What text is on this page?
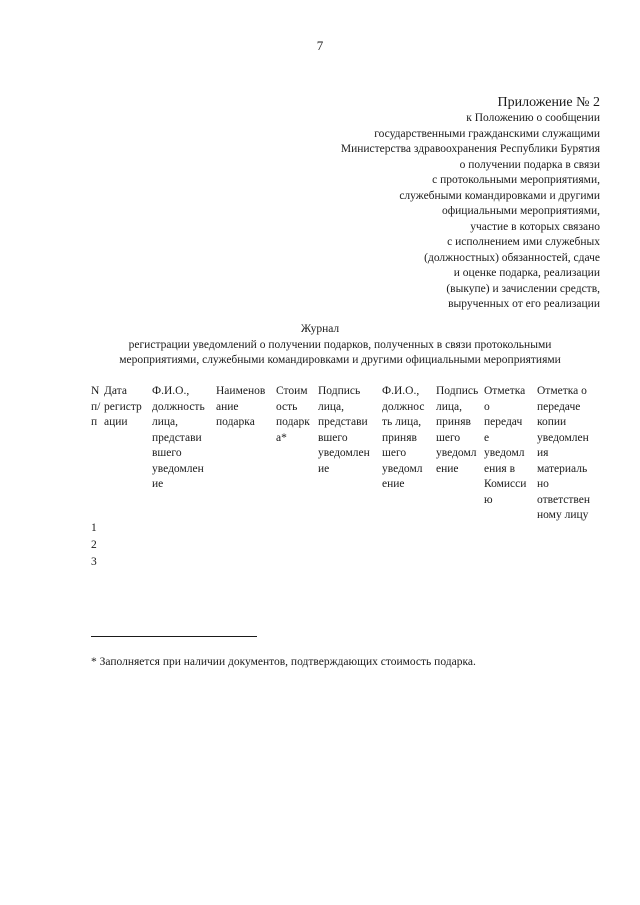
7
Приложение № 2
к Положению о сообщении
государственными гражданскими служащими
Министерства здравоохранения Республики Бурятия
о получении подарка в связи
с протокольными мероприятиями,
служебными командировками и другими
официальными мероприятиями,
участие в которых связано
с исполнением ими служебных
(должностных) обязанностей, сдаче
и оценке подарка, реализации
(выкупе) и зачислении средств,
вырученных от его реализации
Журнал
регистрации уведомлений о получении подарков, полученных в связи протокольными
мероприятиями, служебными командировками и другими официальными мероприятиями
N
п/
п
Дата
регистр
ации
Ф.И.О.,
должность
лица,
представи
вшего
уведомлен
ие
Наименов
ание
подарка
Стоим
ость
подарк
а*
Подпись
лица,
представи
вшего
уведомлен
ие
Ф.И.О.,
должнос
ть лица,
приняв
шего
уведомл
ение
Подпись
лица,
приняв
шего
уведомл
ение
Отметка
о
передач
е
уведомл
ения в
Комисси
ю
Отметка о
передаче
копии
уведомлен
ия
материаль
но
ответствен
ному лицу
1
2
3
* Заполняется при наличии документов, подтверждающих стоимость подарка.
